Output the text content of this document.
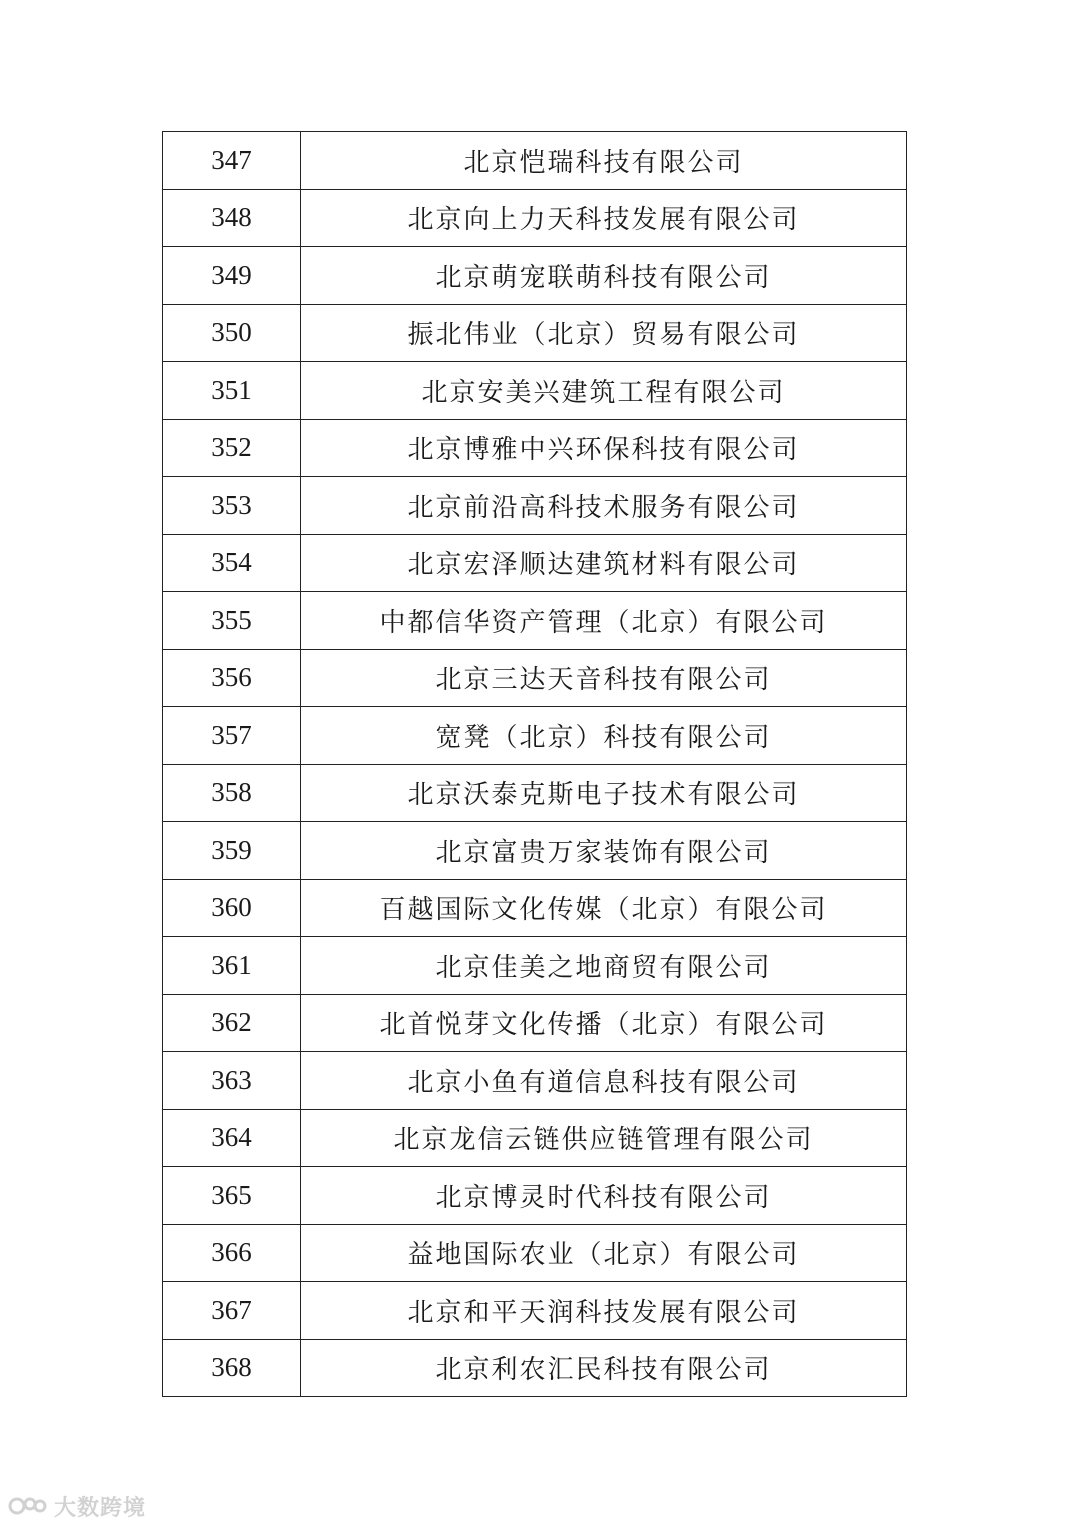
347	北京恺瑞科技有限公司
348	北京向上力天科技发展有限公司
349	北京萌宠联萌科技有限公司
350	振北伟业（北京）贸易有限公司
351	北京安美兴建筑工程有限公司
352	北京博雅中兴环保科技有限公司
353	北京前沿高科技术服务有限公司
354	北京宏泽顺达建筑材料有限公司
355	中都信华资产管理（北京）有限公司
356	北京三达天音科技有限公司
357	宽凳（北京）科技有限公司
358	北京沃泰克斯电子技术有限公司
359	北京富贵万家装饰有限公司
360	百越国际文化传媒（北京）有限公司
361	北京佳美之地商贸有限公司
362	北首悦芽文化传播（北京）有限公司
363	北京小鱼有道信息科技有限公司
364	北京龙信云链供应链管理有限公司
365	北京博灵时代科技有限公司
366	益地国际农业（北京）有限公司
367	北京和平天润科技发展有限公司
368	北京利农汇民科技有限公司
大数跨境
